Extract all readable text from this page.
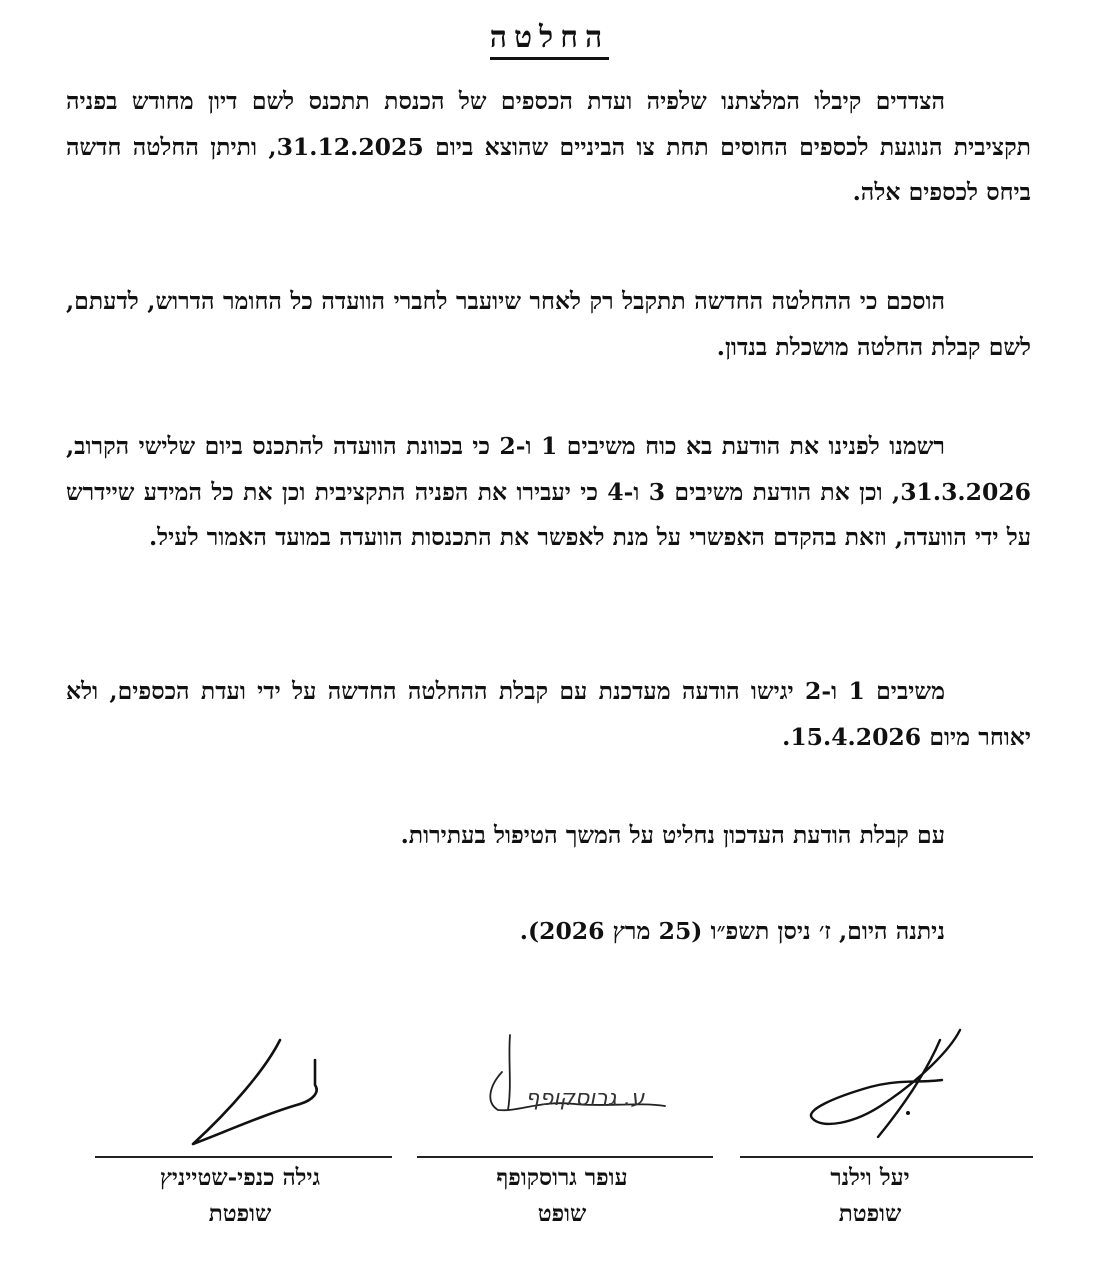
החלטה

הצדדים קיבלו המלצתנו שלפיה ועדת הכספים של הכנסת תתכנס לשם דיון מחודש בפניה תקציבית הנוגעת לכספים החוסים תחת צו הביניים שהוצא ביום 31.12.2025, ותיתן החלטה חדשה ביחס לכספים אלה.

הוסכם כי ההחלטה החדשה תתקבל רק לאחר שיועבר לחברי הוועדה כל החומר הדרוש, לדעתם, לשם קבלת החלטה מושכלת בנדון.

רשמנו לפנינו את הודעת בא כוח משיבים 1 ו-2 כי בכוונת הוועדה להתכנס ביום שלישי הקרוב, 31.3.2026, וכן את הודעת משיבים 3 ו-4 כי יעבירו את הפניה התקציבית וכן את כל המידע שיידרש על ידי הוועדה, וזאת בהקדם האפשרי על מנת לאפשר את התכנסות הוועדה במועד האמור לעיל.

משיבים 1 ו-2 יגישו הודעה מעדכנת עם קבלת ההחלטה החדשה על ידי ועדת הכספים, ולא יאוחר מיום 15.4.2026.

עם קבלת הודעת העדכון נחליט על המשך הטיפול בעתירות.

ניתנה היום, ז׳ ניסן תשפ״ו (25 מרץ 2026).

יעל וילנר
שופטת
ע. גרוסקופף
עופר גרוסקופף
שופט
גילה כנפי-שטייניץ
שופטת
